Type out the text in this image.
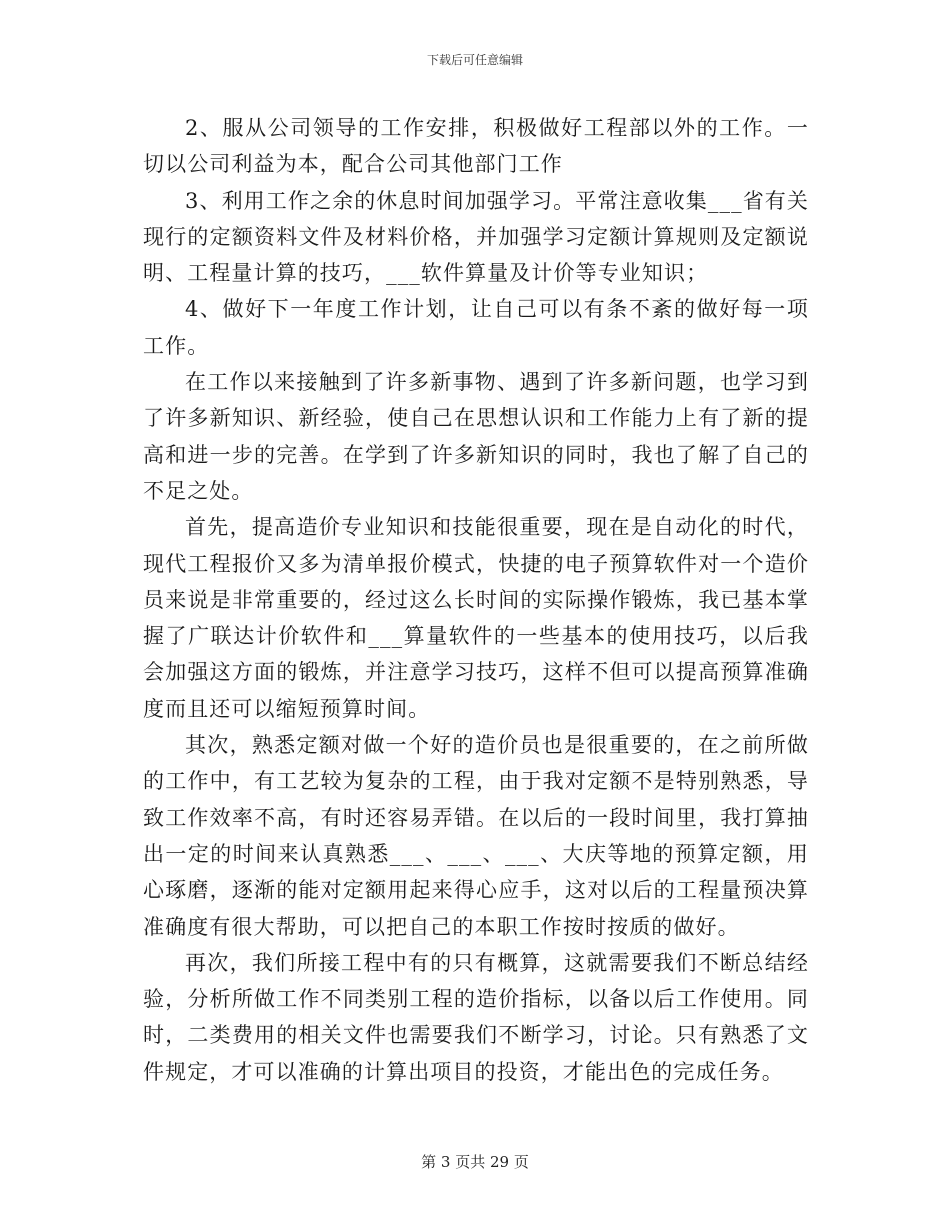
下载后可任意编辑

2、服从公司领导的工作安排，积极做好工程部以外的工作。一切以公司利益为本，配合公司其他部门工作

3、利用工作之余的休息时间加强学习。平常注意收集___省有关现行的定额资料文件及材料价格，并加强学习定额计算规则及定额说明、工程量计算的技巧，___软件算量及计价等专业知识；

4、做好下一年度工作计划，让自己可以有条不紊的做好每一项工作。

在工作以来接触到了许多新事物、遇到了许多新问题，也学习到了许多新知识、新经验，使自己在思想认识和工作能力上有了新的提高和进一步的完善。在学到了许多新知识的同时，我也了解了自己的不足之处。

首先，提高造价专业知识和技能很重要，现在是自动化的时代，现代工程报价又多为清单报价模式，快捷的电子预算软件对一个造价员来说是非常重要的，经过这么长时间的实际操作锻炼，我已基本掌握了广联达计价软件和___算量软件的一些基本的使用技巧，以后我会加强这方面的锻炼，并注意学习技巧，这样不但可以提高预算准确度而且还可以缩短预算时间。

其次，熟悉定额对做一个好的造价员也是很重要的，在之前所做的工作中，有工艺较为复杂的工程，由于我对定额不是特别熟悉，导致工作效率不高，有时还容易弄错。在以后的一段时间里，我打算抽出一定的时间来认真熟悉___、___、___、大庆等地的预算定额，用心琢磨，逐渐的能对定额用起来得心应手，这对以后的工程量预决算准确度有很大帮助，可以把自己的本职工作按时按质的做好。

再次，我们所接工程中有的只有概算，这就需要我们不断总结经验，分析所做工作不同类别工程的造价指标，以备以后工作使用。同时，二类费用的相关文件也需要我们不断学习，讨论。只有熟悉了文件规定，才可以准确的计算出项目的投资，才能出色的完成任务。

第 3 页共 29 页
